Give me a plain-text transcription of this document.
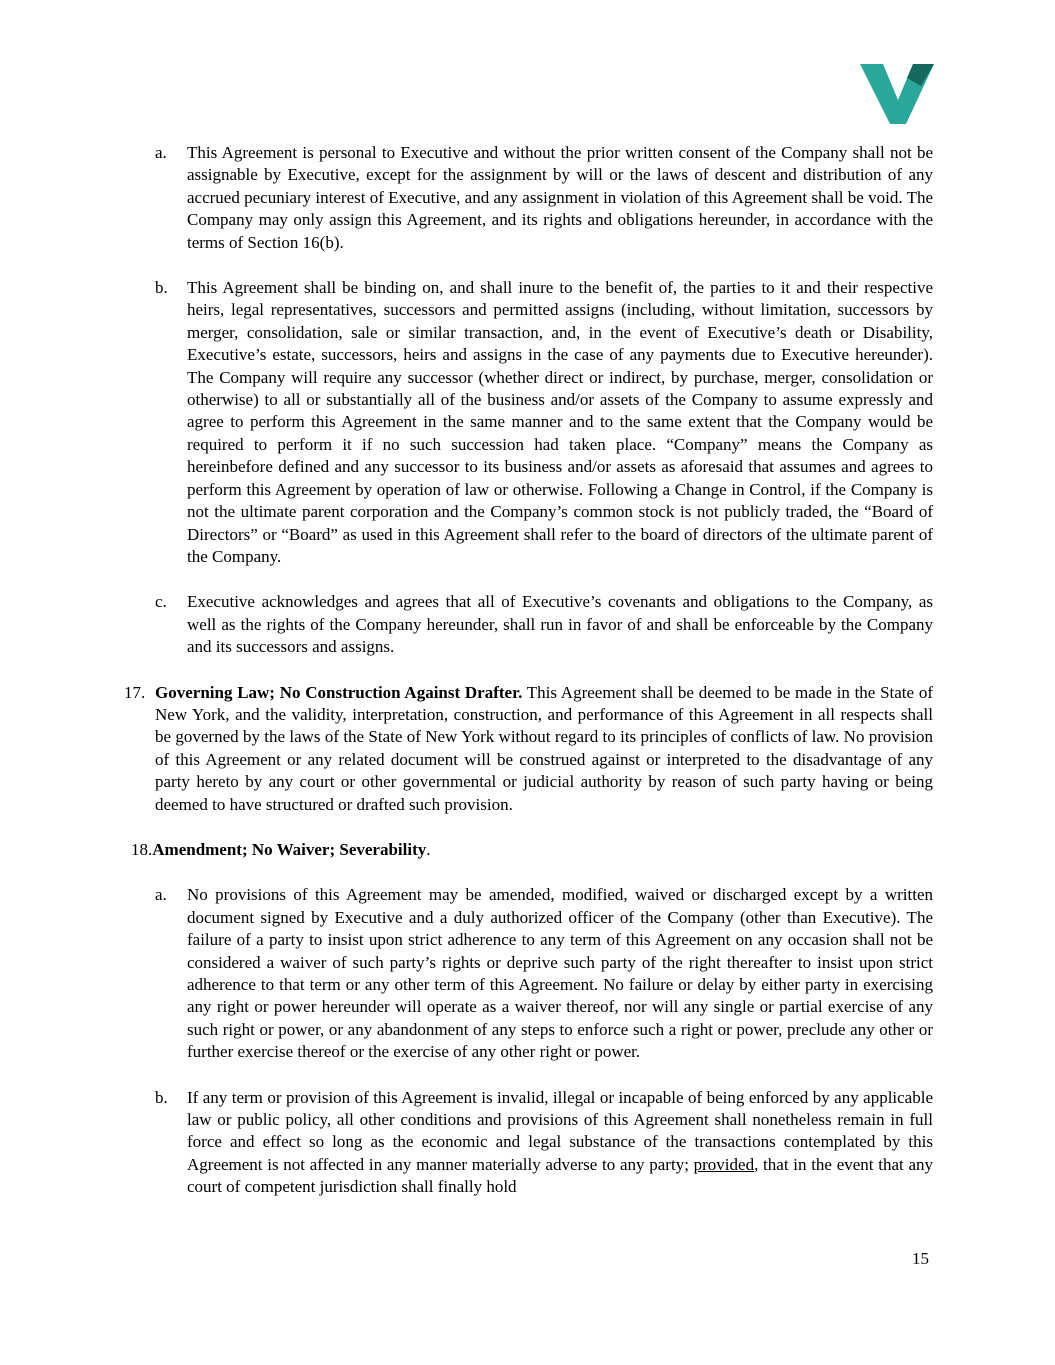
a.	This Agreement is personal to Executive and without the prior written consent of the Company shall not be assignable by Executive, except for the assignment by will or the laws of descent and distribution of any accrued pecuniary interest of Executive, and any assignment in violation of this Agreement shall be void. The Company may only assign this Agreement, and its rights and obligations hereunder, in accordance with the terms of Section 16(b).
b.	This Agreement shall be binding on, and shall inure to the benefit of, the parties to it and their respective heirs, legal representatives, successors and permitted assigns (including, without limitation, successors by merger, consolidation, sale or similar transaction, and, in the event of Executive’s death or Disability, Executive’s estate, successors, heirs and assigns in the case of any payments due to Executive hereunder). The Company will require any successor (whether direct or indirect, by purchase, merger, consolidation or otherwise) to all or substantially all of the business and/or assets of the Company to assume expressly and agree to perform this Agreement in the same manner and to the same extent that the Company would be required to perform it if no such succession had taken place. “Company” means the Company as hereinbefore defined and any successor to its business and/or assets as aforesaid that assumes and agrees to perform this Agreement by operation of law or otherwise. Following a Change in Control, if the Company is not the ultimate parent corporation and the Company’s common stock is not publicly traded, the “Board of Directors” or “Board” as used in this Agreement shall refer to the board of directors of the ultimate parent of the Company.
c.	Executive acknowledges and agrees that all of Executive’s covenants and obligations to the Company, as well as the rights of the Company hereunder, shall run in favor of and shall be enforceable by the Company and its successors and assigns.
17. Governing Law; No Construction Against Drafter. This Agreement shall be deemed to be made in the State of New York, and the validity, interpretation, construction, and performance of this Agreement in all respects shall be governed by the laws of the State of New York without regard to its principles of conflicts of law. No provision of this Agreement or any related document will be construed against or interpreted to the disadvantage of any party hereto by any court or other governmental or judicial authority by reason of such party having or being deemed to have structured or drafted such provision.
18.Amendment; No Waiver; Severability.
a.	No provisions of this Agreement may be amended, modified, waived or discharged except by a written document signed by Executive and a duly authorized officer of the Company (other than Executive). The failure of a party to insist upon strict adherence to any term of this Agreement on any occasion shall not be considered a waiver of such party’s rights or deprive such party of the right thereafter to insist upon strict adherence to that term or any other term of this Agreement. No failure or delay by either party in exercising any right or power hereunder will operate as a waiver thereof, nor will any single or partial exercise of any such right or power, or any abandonment of any steps to enforce such a right or power, preclude any other or further exercise thereof or the exercise of any other right or power.
b.	If any term or provision of this Agreement is invalid, illegal or incapable of being enforced by any applicable law or public policy, all other conditions and provisions of this Agreement shall nonetheless remain in full force and effect so long as the economic and legal substance of the transactions contemplated by this Agreement is not affected in any manner materially adverse to any party; provided, that in the event that any court of competent jurisdiction shall finally hold
15
